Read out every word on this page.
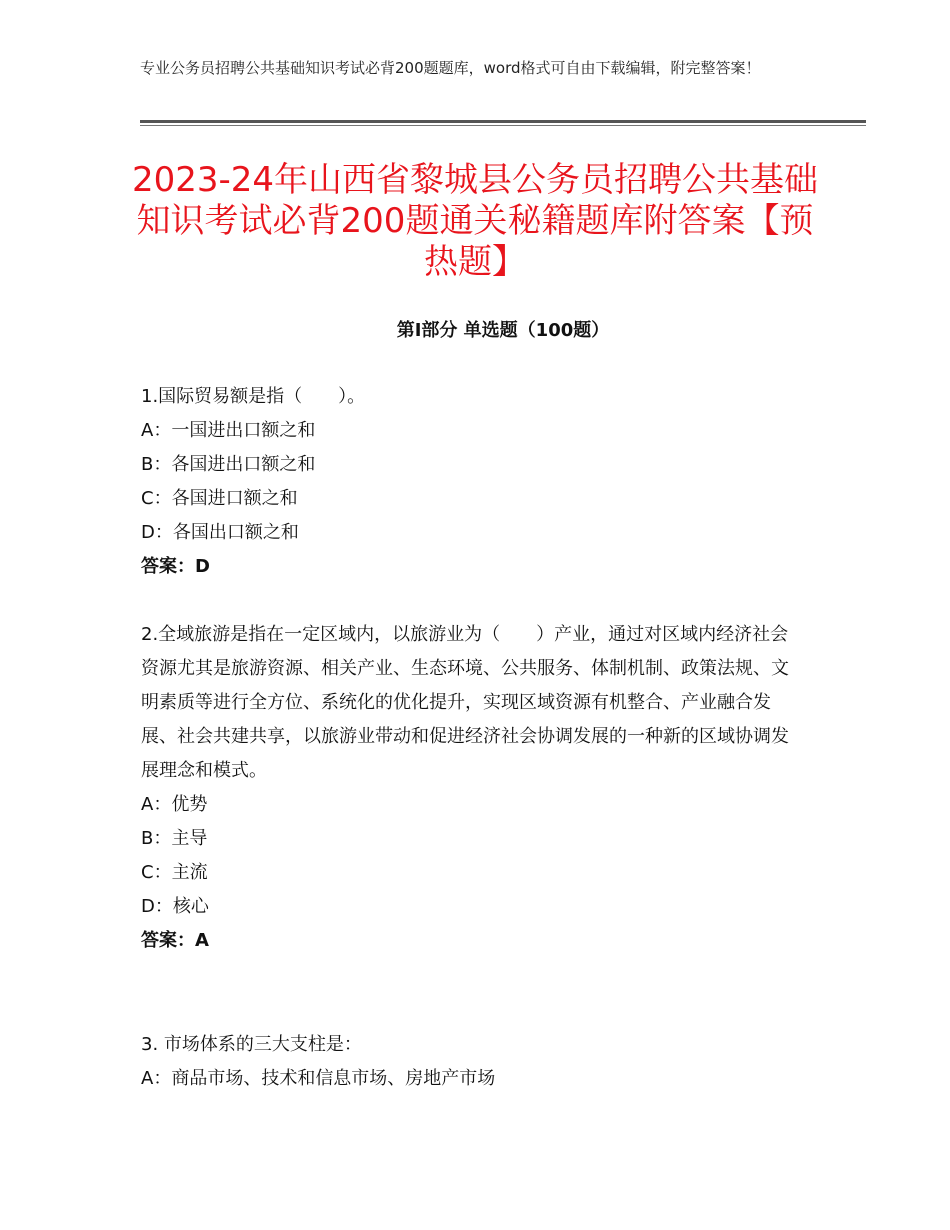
专业公务员招聘公共基础知识考试必背200题题库，word格式可自由下载编辑，附完整答案！
2023-24年山西省黎城县公务员招聘公共基础知识考试必背200题通关秘籍题库附答案【预热题】
第I部分 单选题（100题）

1.国际贸易额是指（　　）。

A：一国进出口额之和

B：各国进出口额之和

C：各国进口额之和

D：各国出口额之和

答案：D

2.全域旅游是指在一定区域内，以旅游业为（　　）产业，通过对区域内经济社会资源尤其是旅游资源、相关产业、生态环境、公共服务、体制机制、政策法规、文明素质等进行全方位、系统化的优化提升，实现区域资源有机整合、产业融合发展、社会共建共享，以旅游业带动和促进经济社会协调发展的一种新的区域协调发展理念和模式。

A：优势

B：主导

C：主流

D：核心

答案：A

3. 市场体系的三大支柱是：

A：商品市场、技术和信息市场、房地产市场
